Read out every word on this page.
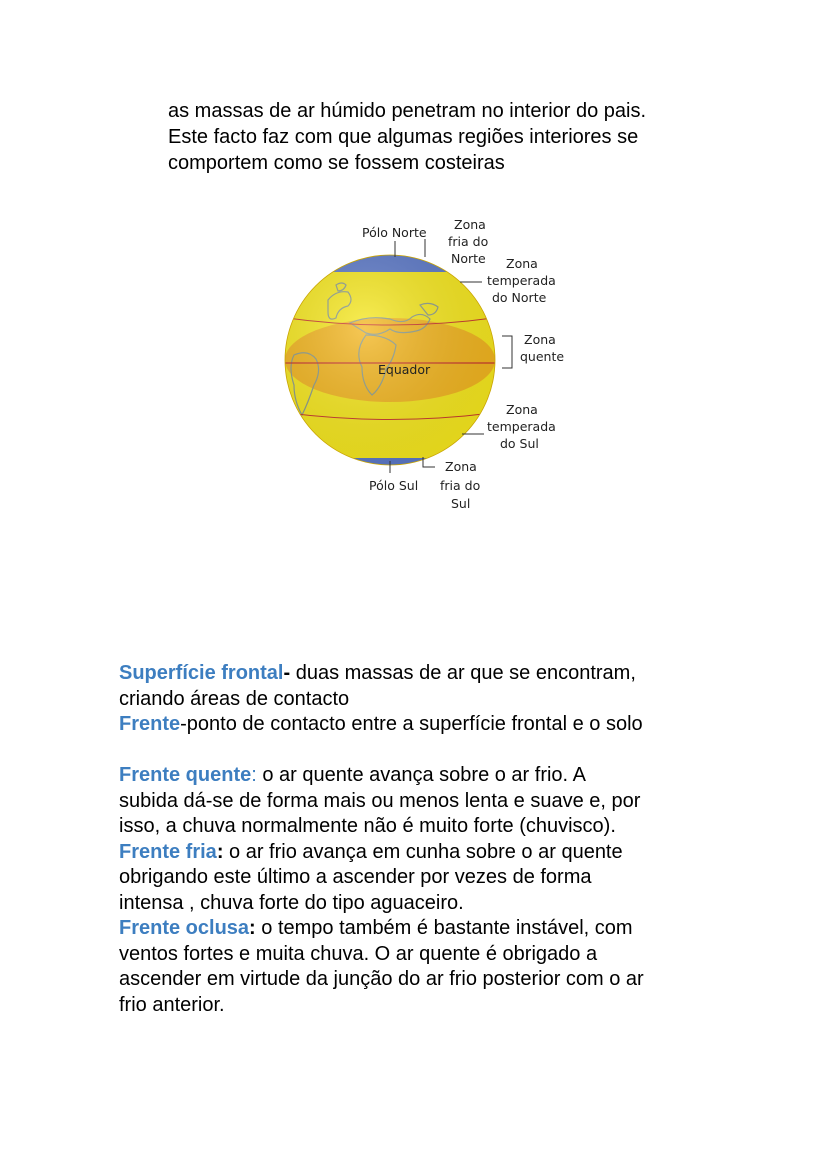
as massas de ar húmido penetram no interior do pais.

Este facto faz com que algumas regiões interiores se

comportem como se fossem costeiras

Pólo Norte
Zona
fria do
Norte Zona
temperada
do Norte
Zona
quente
Equador
Zona
temperada
do Sul
Zona
Pólo Sul fria do
Sul

Superfície frontal- duas massas de ar que se encontram,

criando áreas de contacto

Frente-ponto de contacto entre a superfície frontal e o solo

Frente quente: o ar quente avança sobre o ar frio. A

subida dá-se de forma mais ou menos lenta e suave e, por

isso, a chuva normalmente não é muito forte (chuvisco).

Frente fria: o ar frio avança em cunha sobre o ar quente

obrigando este último a ascender por vezes de forma

intensa , chuva forte do tipo aguaceiro.

Frente oclusa: o tempo também é bastante instável, com

ventos fortes e muita chuva. O ar quente é obrigado a

ascender em virtude da junção do ar frio posterior com o ar

frio anterior.
